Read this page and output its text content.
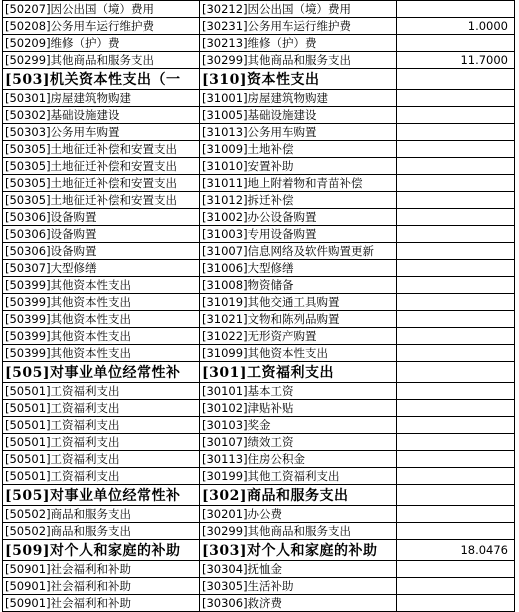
[50207]因公出国（境）费用	[30212]因公出国（境）费用	
[50208]公务用车运行维护费	[30231]公务用车运行维护费	1.0000
[50209]维修（护）费	[30213]维修（护）费	
[50299]其他商品和服务支出	[30299]其他商品和服务支出	11.7000
[503]机关资本性支出（一	[310]资本性支出	
[50301]房屋建筑物购建	[31001]房屋建筑物购建	
[50302]基础设施建设	[31005]基础设施建设	
[50303]公务用车购置	[31013]公务用车购置	
[50305]土地征迁补偿和安置支出	[31009]土地补偿	
[50305]土地征迁补偿和安置支出	[31010]安置补助	
[50305]土地征迁补偿和安置支出	[31011]地上附着物和青苗补偿	
[50305]土地征迁补偿和安置支出	[31012]拆迁补偿	
[50306]设备购置	[31002]办公设备购置	
[50306]设备购置	[31003]专用设备购置	
[50306]设备购置	[31007]信息网络及软件购置更新	
[50307]大型修缮	[31006]大型修缮	
[50399]其他资本性支出	[31008]物资储备	
[50399]其他资本性支出	[31019]其他交通工具购置	
[50399]其他资本性支出	[31021]文物和陈列品购置	
[50399]其他资本性支出	[31022]无形资产购置	
[50399]其他资本性支出	[31099]其他资本性支出	
[505]对事业单位经常性补	[301]工资福利支出	
[50501]工资福利支出	[30101]基本工资	
[50501]工资福利支出	[30102]津贴补贴	
[50501]工资福利支出	[30103]奖金	
[50501]工资福利支出	[30107]绩效工资	
[50501]工资福利支出	[30113]住房公积金	
[50501]工资福利支出	[30199]其他工资福利支出	
[505]对事业单位经常性补	[302]商品和服务支出	
[50502]商品和服务支出	[30201]办公费	
[50502]商品和服务支出	[30299]其他商品和服务支出	
[509]对个人和家庭的补助	[303]对个人和家庭的补助	18.0476
[50901]社会福利和补助	[30304]抚恤金	
[50901]社会福利和补助	[30305]生活补助	
[50901]社会福利和补助	[30306]救济费	
